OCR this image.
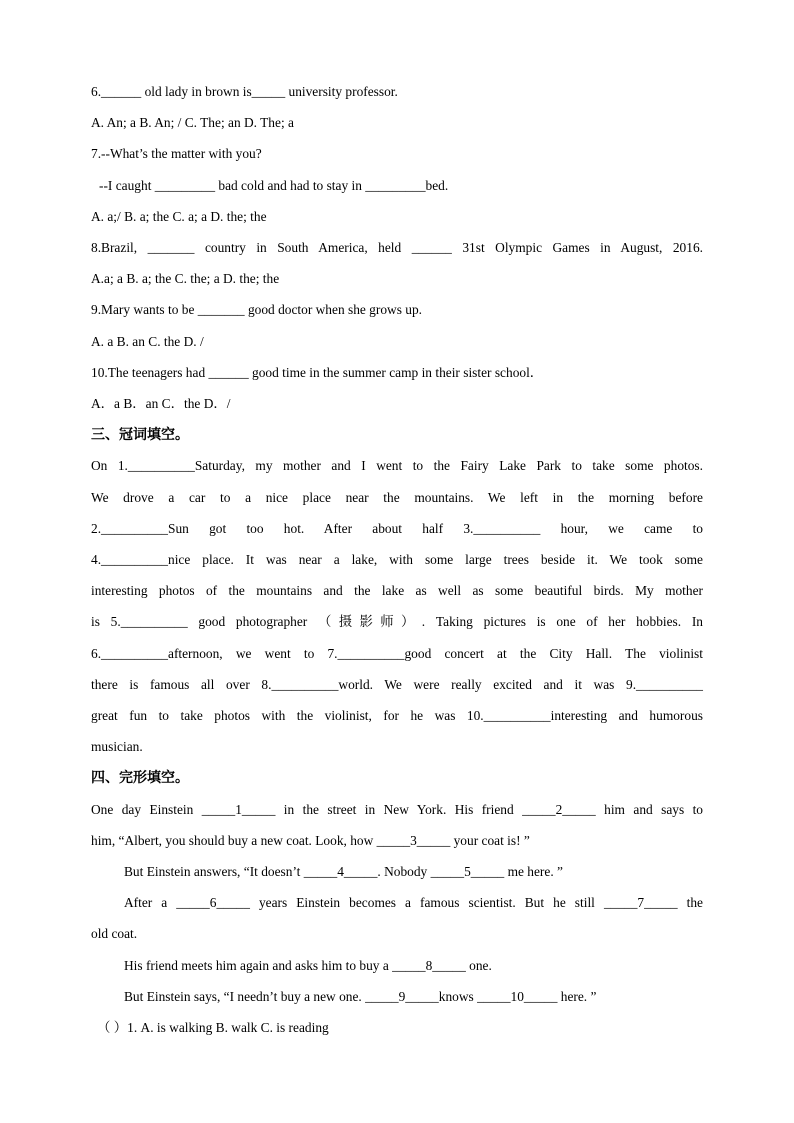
6.______ old lady in brown is_____ university professor.
A. An; a B. An; / C. The; an D. The; a
7.--What’s the matter with you?
--I caught _________ bad cold and had to stay in _________bed.
A. a;/ B. a; the C. a; a D. the; the
8.Brazil, _______ country in South America, held ______ 31st Olympic Games in August, 2016.
A.a; a B. a; the C. the; a D. the; the
9.Mary wants to be _______ good doctor when she grows up.
A. a B. an C. the D. /
10.The teenagers had ______ good time in the summer camp in their sister school．
A．a B．an C．the D．/
三、冠词填空。
On 1.__________Saturday, my mother and I went to the Fairy Lake Park to take some photos.
We drove a car to a nice place near the mountains. We left in the morning before
2.__________Sun got too hot. After about half 3.__________ hour, we came to
4.__________nice place. It was near a lake, with some large trees beside it. We took some
interesting photos of the mountains and the lake as well as some beautiful birds. My mother
is 5.__________ good photographer （摄影师）. Taking pictures is one of her hobbies. In
6.__________afternoon, we went to 7.__________good concert at the City Hall. The violinist
there is famous all over 8.__________world. We were really excited and it was 9.__________
great fun to take photos with the violinist, for he was 10.__________interesting and humorous
musician.
四、完形填空。
One day Einstein _____1_____ in the street in New York. His friend _____2_____ him and says to
him, “Albert, you should buy a new coat. Look, how _____3_____ your coat is! ”
But Einstein answers, “It doesn’t _____4_____. Nobody _____5_____ me here. ”
After a _____6_____ years Einstein becomes a famous scientist. But he still _____7_____ the
old coat.
His friend meets him again and asks him to buy a _____8_____ one.
But Einstein says, “I needn’t buy a new one. _____9_____knows _____10_____ here. ”
（ ）1. A. is walking B. walk C. is reading
